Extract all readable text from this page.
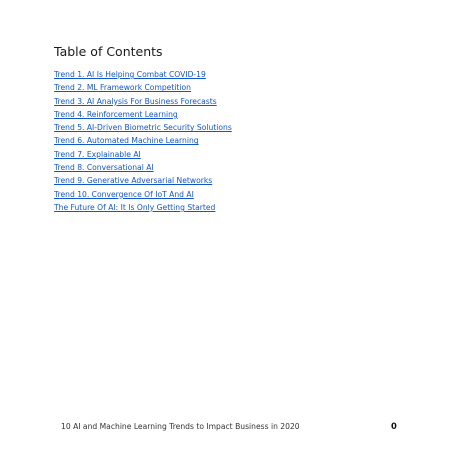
Table of Contents
Trend 1. AI Is Helping Combat COVID-19
Trend 2. ML Framework Competition
Trend 3. AI Analysis For Business Forecasts
Trend 4. Reinforcement Learning
Trend 5. AI-Driven Biometric Security Solutions
Trend 6. Automated Machine Learning
Trend 7. Explainable AI
Trend 8. Conversational AI
Trend 9. Generative Adversarial Networks
Trend 10. Convergence Of IoT And AI
The Future Of AI: It Is Only Getting Started
10 AI and Machine Learning Trends to Impact Business in 2020	0
